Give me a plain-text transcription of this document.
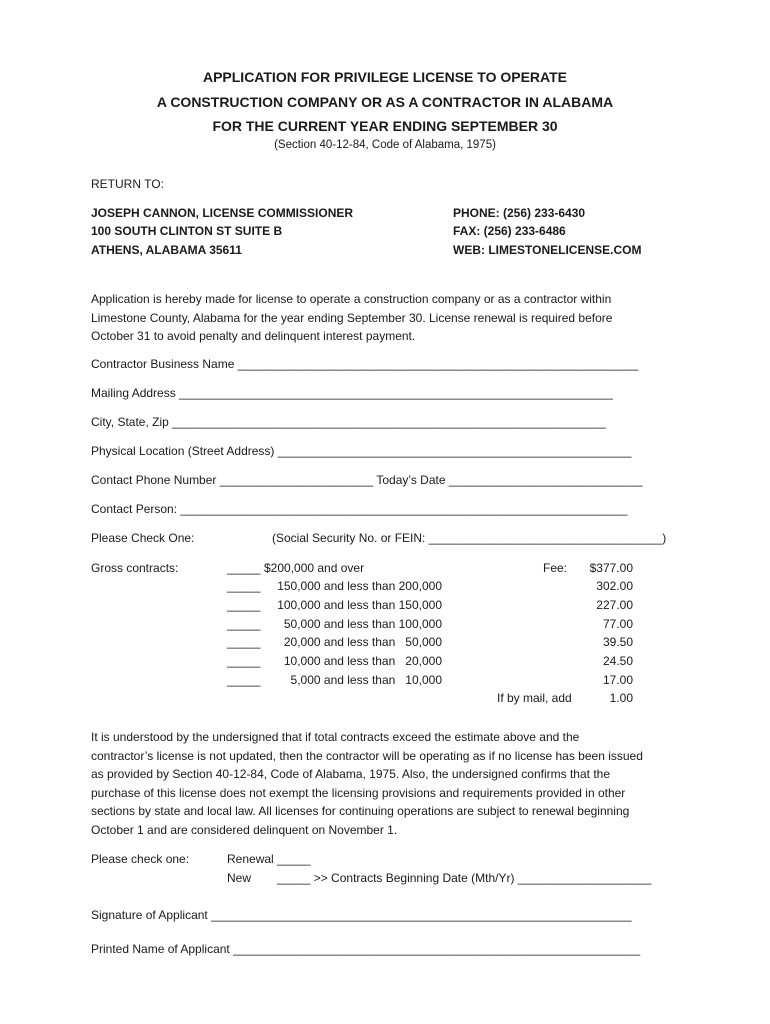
APPLICATION FOR PRIVILEGE LICENSE TO OPERATE
A CONSTRUCTION COMPANY OR AS A CONTRACTOR IN ALABAMA
FOR THE CURRENT YEAR ENDING SEPTEMBER 30
(Section 40-12-84, Code of Alabama, 1975)
RETURN TO:
JOSEPH CANNON, LICENSE COMMISSIONER
100 SOUTH CLINTON ST SUITE B
ATHENS, ALABAMA 35611
PHONE: (256) 233-6430
FAX: (256) 233-6486
WEB: LIMESTONELICENSE.COM
Application is hereby made for license to operate a construction company or as a contractor within
Limestone County, Alabama for the year ending September 30. License renewal is required before
October 31 to avoid penalty and delinquent interest payment.
Contractor Business Name ____________________________________________________________
Mailing Address _________________________________________________________________
City, State, Zip _________________________________________________________________
Physical Location (Street Address) _____________________________________________________
Contact Phone Number _______________________ Today’s Date _____________________________
Contact Person: ___________________________________________________________________
Please Check One:	(Social Security No. or FEIN: ___________________________________)
Gross contracts:	Fee:
_____ $200,000 and over	$377.00
_____	150,000 and less than 200,000	302.00
_____	100,000 and less than 150,000	227.00
_____	50,000 and less than 100,000	77.00
_____	20,000 and less than   50,000	39.50
_____	10,000 and less than   20,000	24.50
_____	5,000 and less than   10,000	17.00
If by mail, add	1.00
It is understood by the undersigned that if total contracts exceed the estimate above and the
contractor’s license is not updated, then the contractor will be operating as if no license has been issued
as provided by Section 40-12-84, Code of Alabama, 1975. Also, the undersigned confirms that the
purchase of this license does not exempt the licensing provisions and requirements provided in other
sections by state and local law. All licenses for continuing operations are subject to renewal beginning
October 1 and are considered delinquent on November 1.
Please check one:	Renewal _____
New _____ >> Contracts Beginning Date (Mth/Yr) ____________________
Signature of Applicant _______________________________________________________________
Printed Name of Applicant _____________________________________________________________
